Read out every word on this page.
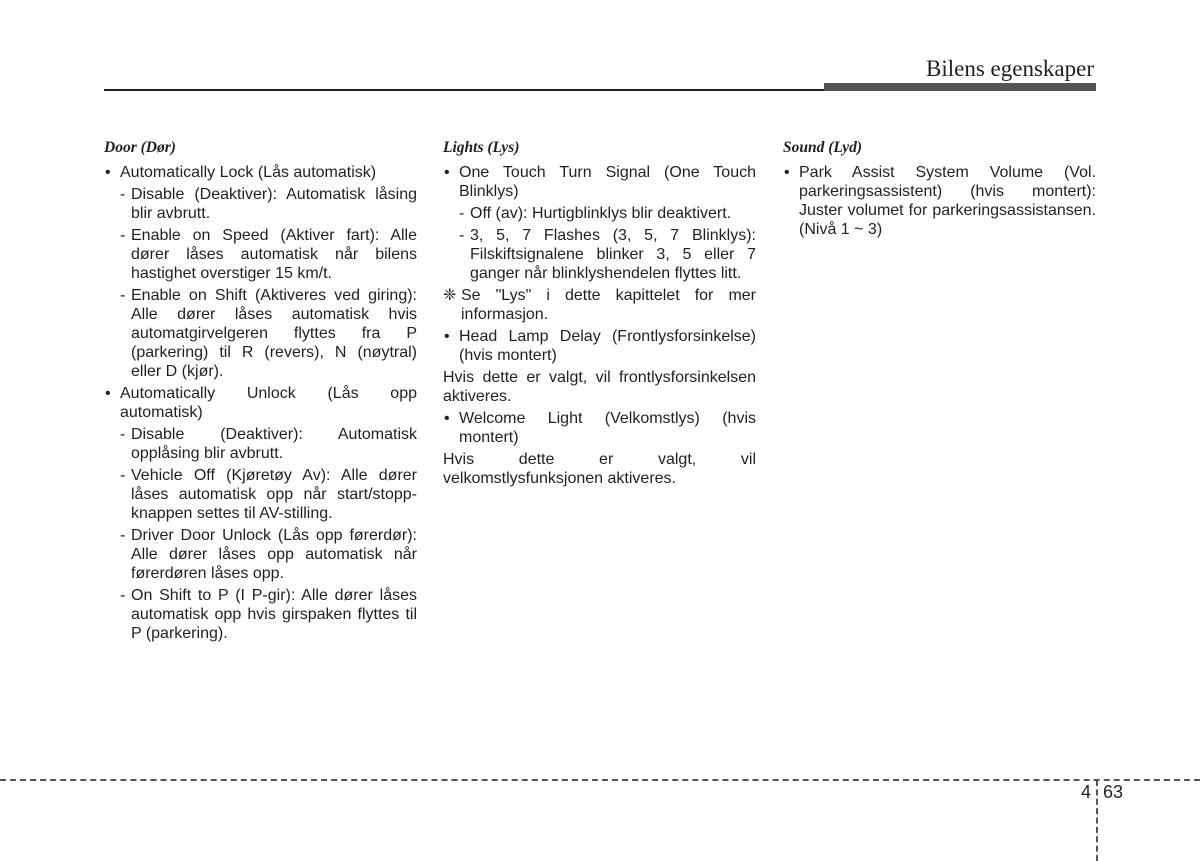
Bilens egenskaper
Door (Dør)
• Automatically Lock (Lås automatisk)
- Disable (Deaktiver): Automatisk låsing blir avbrutt.
- Enable on Speed (Aktiver fart): Alle dører låses automatisk når bilens hastighet overstiger 15 km/t.
- Enable on Shift (Aktiveres ved giring): Alle dører låses automatisk hvis automatgirvelgeren flyttes fra P (parkering) til R (revers), N (nøytral) eller D (kjør).
• Automatically Unlock (Lås opp automatisk)
- Disable (Deaktiver): Automatisk opplåsing blir avbrutt.
- Vehicle Off (Kjøretøy Av): Alle dører låses automatisk opp når start/stopp-knappen settes til AV-stilling.
- Driver Door Unlock (Lås opp førerdør): Alle dører låses opp automatisk når førerdøren låses opp.
- On Shift to P (I P-gir): Alle dører låses automatisk opp hvis girspaken flyttes til P (parkering).
Lights (Lys)
• One Touch Turn Signal (One Touch Blinklys)
- Off (av): Hurtigblinklys blir deaktivert.
- 3, 5, 7 Flashes (3, 5, 7 Blinklys): Filskiftsignalene blinker 3, 5 eller 7 ganger når blinklyshendelen flyttes litt.
❈ Se "Lys" i dette kapittelet for mer informasjon.
• Head Lamp Delay (Frontlysforsinkelse) (hvis montert)
Hvis dette er valgt, vil frontlysforsinkelsen aktiveres.
• Welcome Light (Velkomstlys) (hvis montert)
Hvis dette er valgt, vil velkomstlysfunksjonen aktiveres.
Sound (Lyd)
• Park Assist System Volume (Vol. parkeringsassistent) (hvis montert): Juster volumet for parkeringsassistansen. (Nivå 1 ~ 3)
4 63
